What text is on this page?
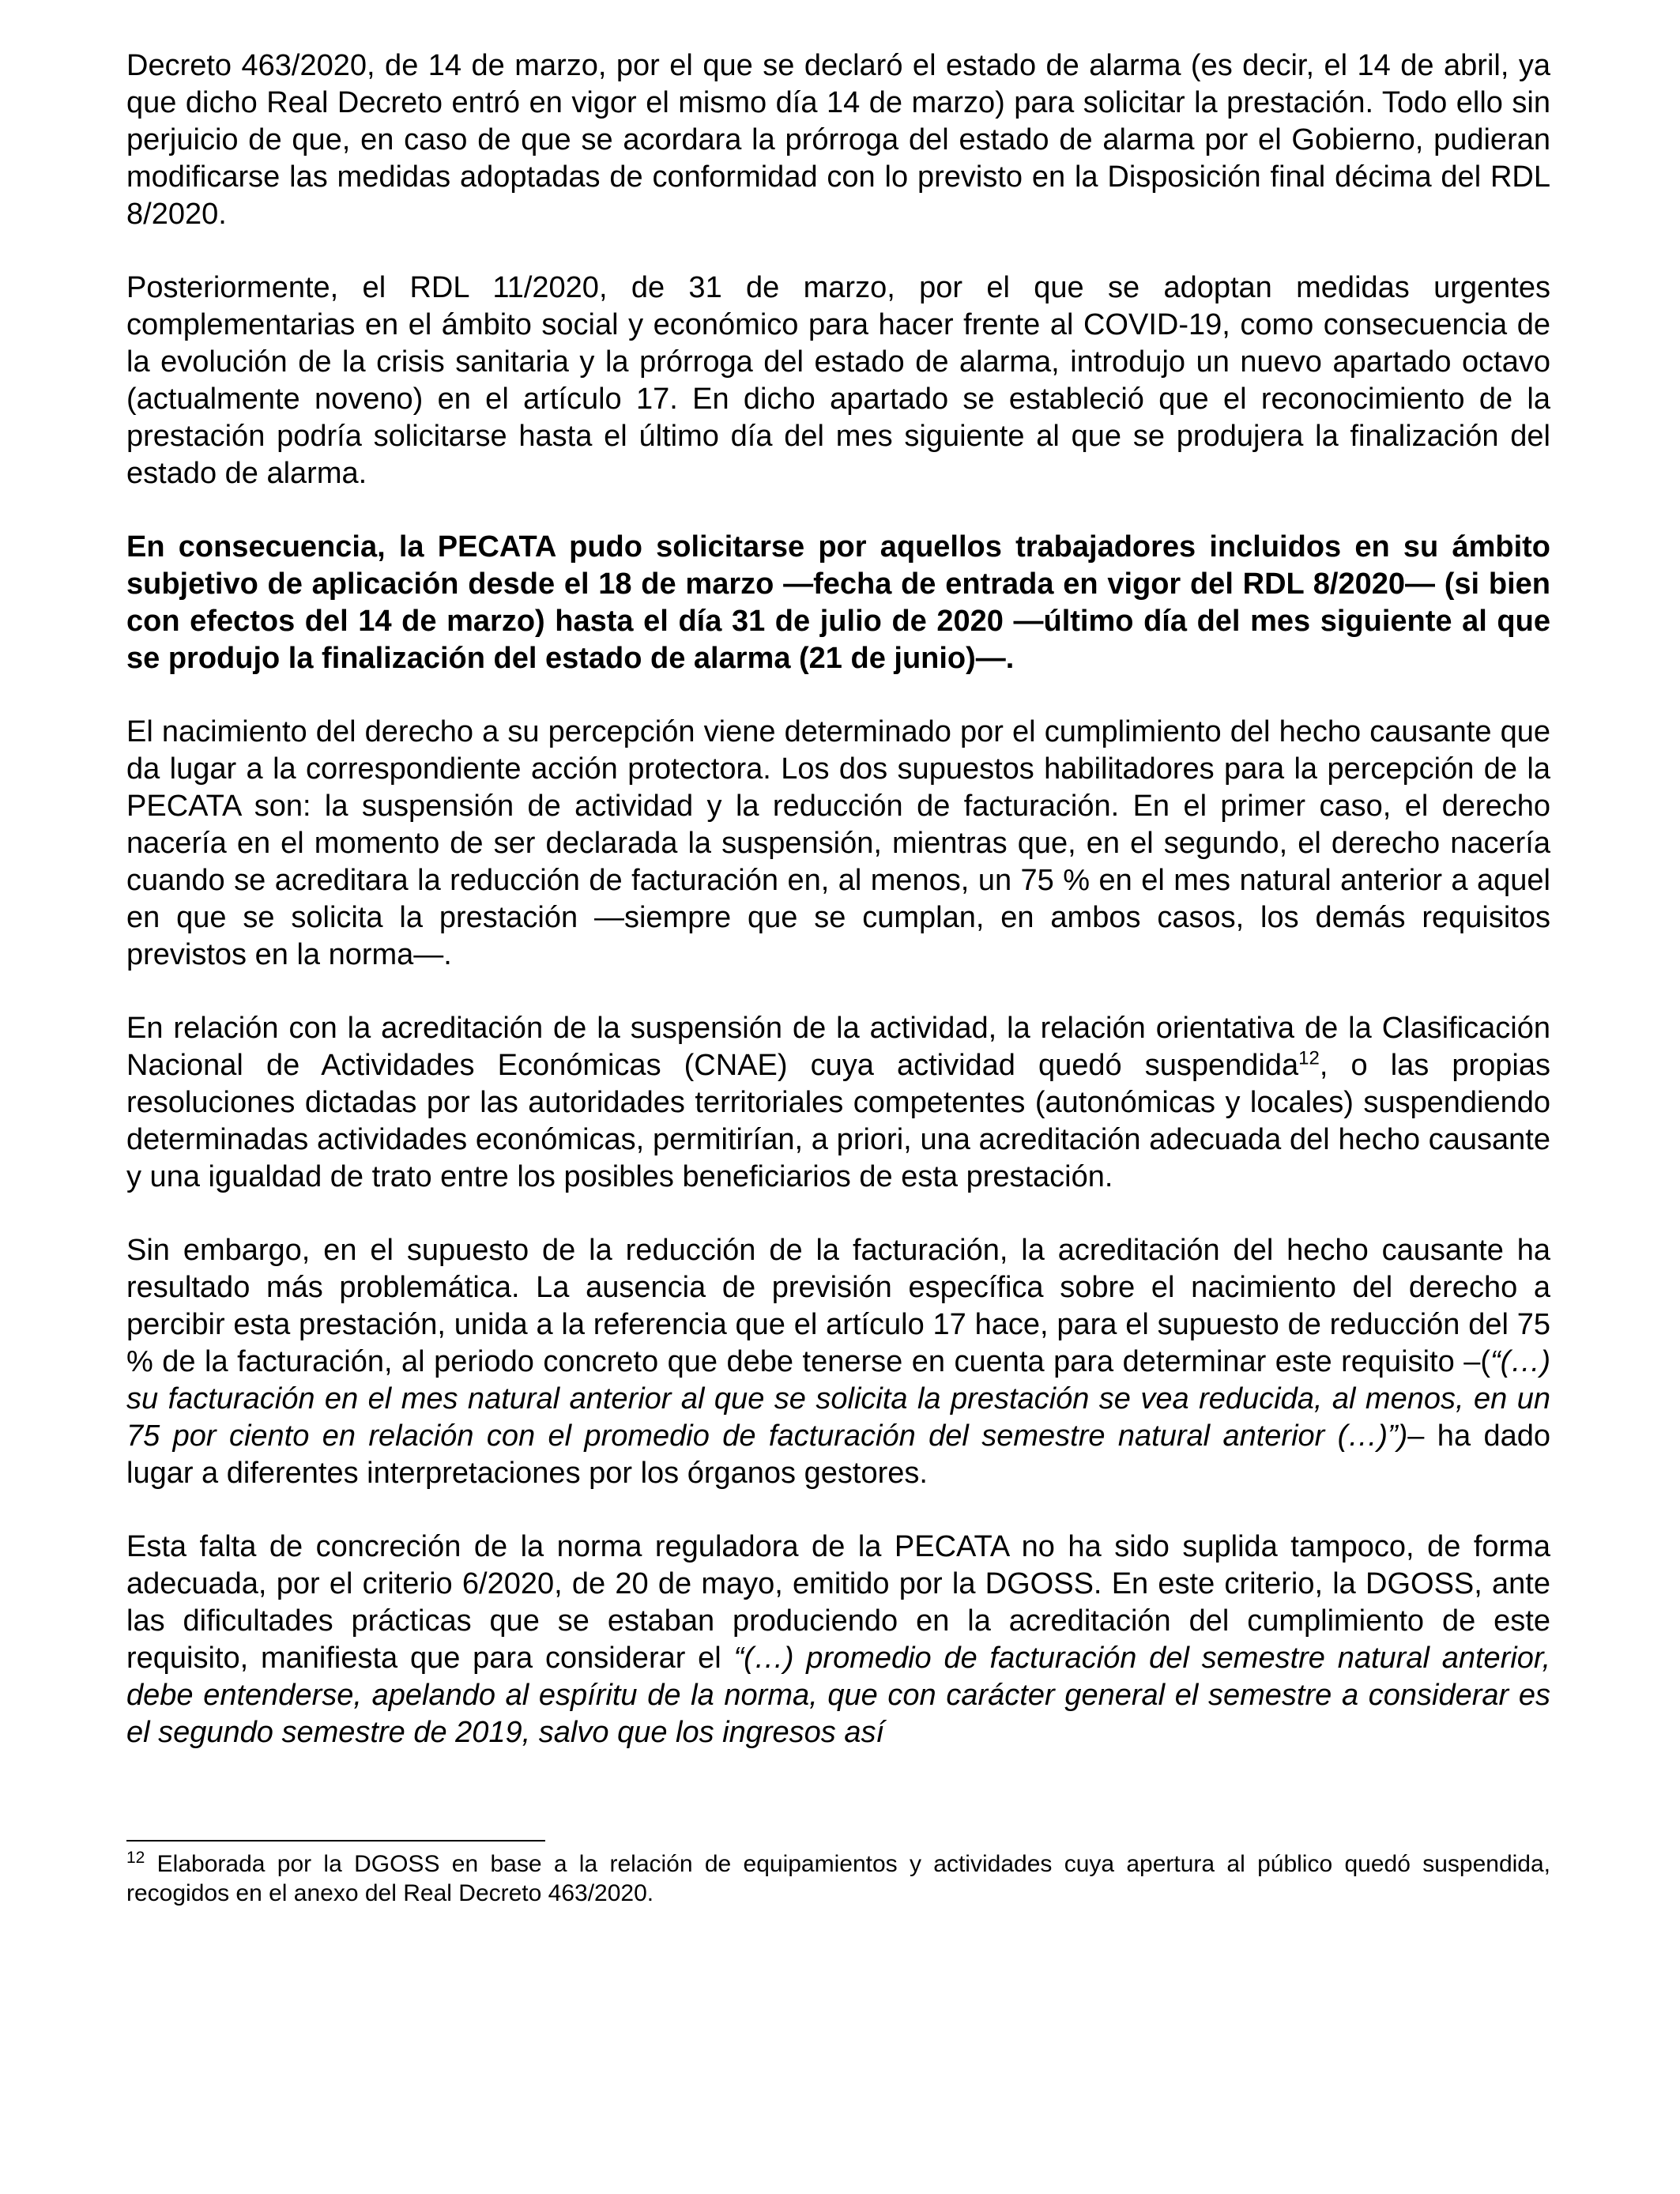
Decreto 463/2020, de 14 de marzo, por el que se declaró el estado de alarma (es decir, el 14 de abril, ya que dicho Real Decreto entró en vigor el mismo día 14 de marzo) para solicitar la prestación. Todo ello sin perjuicio de que, en caso de que se acordara la prórroga del estado de alarma por el Gobierno, pudieran modificarse las medidas adoptadas de conformidad con lo previsto en la Disposición final décima del RDL 8/2020.

Posteriormente, el RDL 11/2020, de 31 de marzo, por el que se adoptan medidas urgentes complementarias en el ámbito social y económico para hacer frente al COVID-19, como consecuencia de la evolución de la crisis sanitaria y la prórroga del estado de alarma, introdujo un nuevo apartado octavo (actualmente noveno) en el artículo 17. En dicho apartado se estableció que el reconocimiento de la prestación podría solicitarse hasta el último día del mes siguiente al que se produjera la finalización del estado de alarma.

En consecuencia, la PECATA pudo solicitarse por aquellos trabajadores incluidos en su ámbito subjetivo de aplicación desde el 18 de marzo —fecha de entrada en vigor del RDL 8/2020— (si bien con efectos del 14 de marzo) hasta el día 31 de julio de 2020 —último día del mes siguiente al que se produjo la finalización del estado de alarma (21 de junio)—.

El nacimiento del derecho a su percepción viene determinado por el cumplimiento del hecho causante que da lugar a la correspondiente acción protectora. Los dos supuestos habilitadores para la percepción de la PECATA son: la suspensión de actividad y la reducción de facturación. En el primer caso, el derecho nacería en el momento de ser declarada la suspensión, mientras que, en el segundo, el derecho nacería cuando se acreditara la reducción de facturación en, al menos, un 75 % en el mes natural anterior a aquel en que se solicita la prestación —siempre que se cumplan, en ambos casos, los demás requisitos previstos en la norma—.

En relación con la acreditación de la suspensión de la actividad, la relación orientativa de la Clasificación Nacional de Actividades Económicas (CNAE) cuya actividad quedó suspendida$^{12}$, o las propias resoluciones dictadas por las autoridades territoriales competentes (autonómicas y locales) suspendiendo determinadas actividades económicas, permitirían, a priori, una acreditación adecuada del hecho causante y una igualdad de trato entre los posibles beneficiarios de esta prestación.

Sin embargo, en el supuesto de la reducción de la facturación, la acreditación del hecho causante ha resultado más problemática. La ausencia de previsión específica sobre el nacimiento del derecho a percibir esta prestación, unida a la referencia que el artículo 17 hace, para el supuesto de reducción del 75 % de la facturación, al periodo concreto que debe tenerse en cuenta para determinar este requisito –(“(…) su facturación en el mes natural anterior al que se solicita la prestación se vea reducida, al menos, en un 75 por ciento en relación con el promedio de facturación del semestre natural anterior (…)”)– ha dado lugar a diferentes interpretaciones por los órganos gestores.

Esta falta de concreción de la norma reguladora de la PECATA no ha sido suplida tampoco, de forma adecuada, por el criterio 6/2020, de 20 de mayo, emitido por la DGOSS. En este criterio, la DGOSS, ante las dificultades prácticas que se estaban produciendo en la acreditación del cumplimiento de este requisito, manifiesta que para considerar el “(…) promedio de facturación del semestre natural anterior, debe entenderse, apelando al espíritu de la norma, que con carácter general el semestre a considerar es el segundo semestre de 2019, salvo que los ingresos así

$^{12}$ Elaborada por la DGOSS en base a la relación de equipamientos y actividades cuya apertura al público quedó suspendida, recogidos en el anexo del Real Decreto 463/2020.
